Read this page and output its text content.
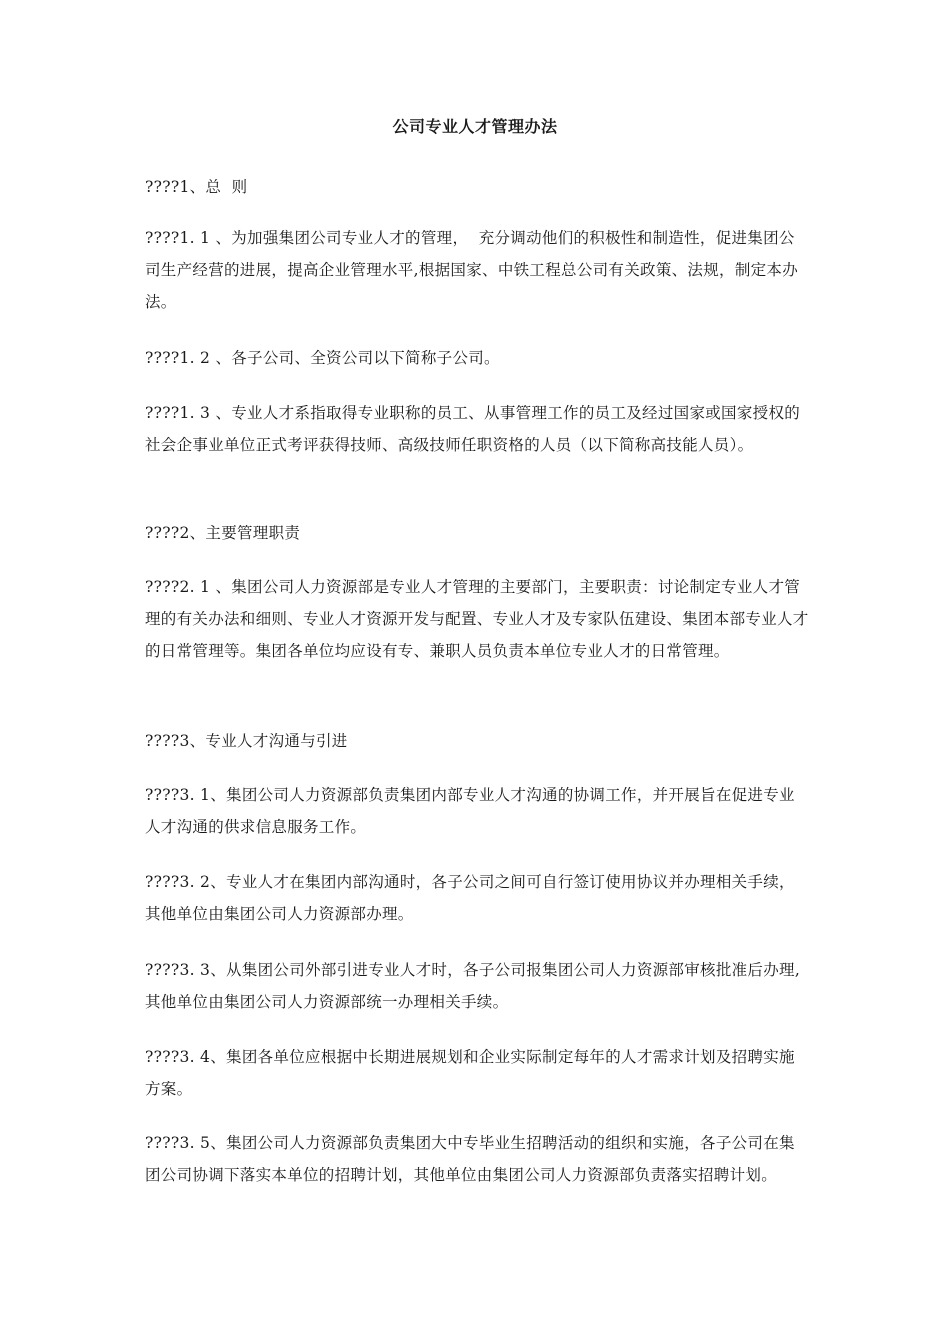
公司专业人才管理办法

????1、总  则

????1. 1 、为加强集团公司专业人才的管理，  充分调动他们的积极性和制造性，促进集团公司生产经营的进展，提高企业管理水平,根据国家、中铁工程总公司有关政策、法规，制定本办法。

????1. 2 、各子公司、全资公司以下简称子公司。

????1. 3 、专业人才系指取得专业职称的员工、从事管理工作的员工及经过国家或国家授权的社会企事业单位正式考评获得技师、高级技师任职资格的人员（以下简称高技能人员）。

????2、主要管理职责

????2. 1 、集团公司人力资源部是专业人才管理的主要部门，主要职责：讨论制定专业人才管理的有关办法和细则、专业人才资源开发与配置、专业人才及专家队伍建设、集团本部专业人才的日常管理等。集团各单位均应设有专、兼职人员负责本单位专业人才的日常管理。

????3、专业人才沟通与引进

????3. 1、集团公司人力资源部负责集团内部专业人才沟通的协调工作，并开展旨在促进专业人才沟通的供求信息服务工作。

????3. 2、专业人才在集团内部沟通时，各子公司之间可自行签订使用协议并办理相关手续，其他单位由集团公司人力资源部办理。

????3. 3、从集团公司外部引进专业人才时，各子公司报集团公司人力资源部审核批准后办理,其他单位由集团公司人力资源部统一办理相关手续。

????3. 4、集团各单位应根据中长期进展规划和企业实际制定每年的人才需求计划及招聘实施方案。

????3. 5、集团公司人力资源部负责集团大中专毕业生招聘活动的组织和实施，各子公司在集团公司协调下落实本单位的招聘计划，其他单位由集团公司人力资源部负责落实招聘计划。
